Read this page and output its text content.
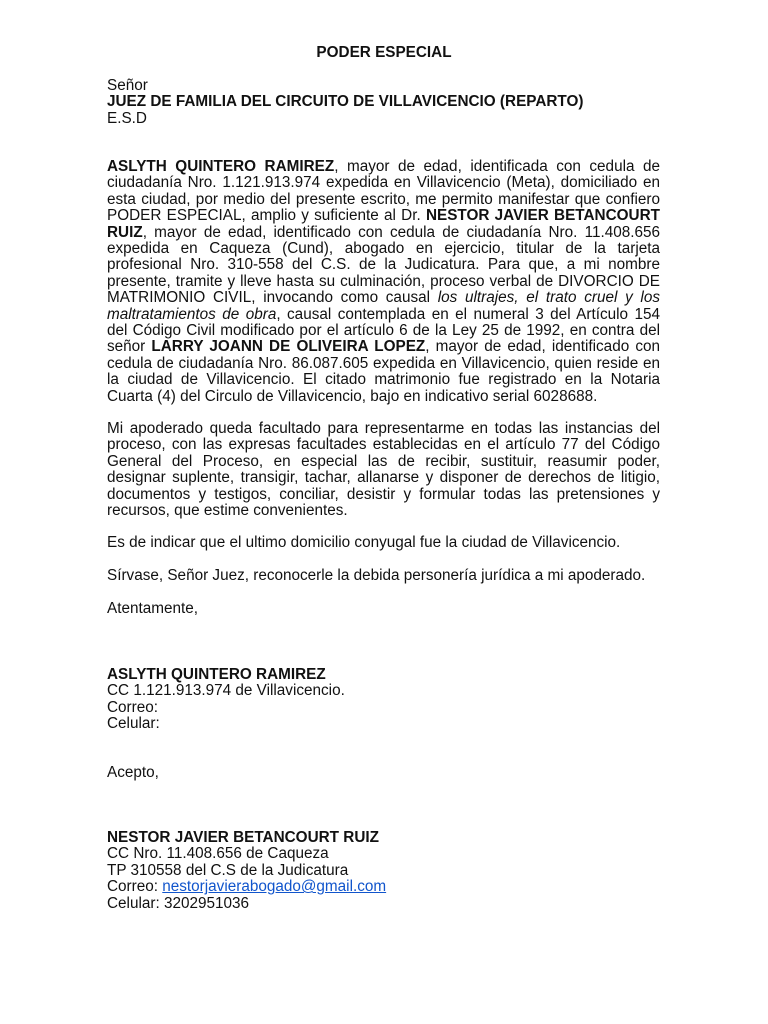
PODER ESPECIAL
Señor
JUEZ DE FAMILIA DEL CIRCUITO DE VILLAVICENCIO (REPARTO)
E.S.D
ASLYTH QUINTERO RAMIREZ, mayor de edad, identificada con cedula de ciudadanía Nro. 1.121.913.974 expedida en Villavicencio (Meta), domiciliado en esta ciudad, por medio del presente escrito, me permito manifestar que confiero PODER ESPECIAL, amplio y suficiente al Dr. NESTOR JAVIER BETANCOURT RUIZ, mayor de edad, identificado con cedula de ciudadanía Nro. 11.408.656 expedida en Caqueza (Cund), abogado en ejercicio, titular de la tarjeta profesional Nro. 310-558 del C.S. de la Judicatura. Para que, a mi nombre presente, tramite y lleve hasta su culminación, proceso verbal de DIVORCIO DE MATRIMONIO CIVIL, invocando como causal los ultrajes, el trato cruel y los maltratamientos de obra, causal contemplada en el numeral 3 del Artículo 154 del Código Civil modificado por el artículo 6 de la Ley 25 de 1992, en contra del señor LARRY JOANN DE OLIVEIRA LOPEZ, mayor de edad, identificado con cedula de ciudadanía Nro. 86.087.605 expedida en Villavicencio, quien reside en la ciudad de Villavicencio. El citado matrimonio fue registrado en la Notaria Cuarta (4) del Circulo de Villavicencio, bajo en indicativo serial 6028688.
Mi apoderado queda facultado para representarme en todas las instancias del proceso, con las expresas facultades establecidas en el artículo 77 del Código General del Proceso, en especial las de recibir, sustituir, reasumir poder, designar suplente, transigir, tachar, allanarse y disponer de derechos de litigio, documentos y testigos, conciliar, desistir y formular todas las pretensiones y recursos, que estime convenientes.
Es de indicar que el ultimo domicilio conyugal fue la ciudad de Villavicencio.
Sírvase, Señor Juez, reconocerle la debida personería jurídica a mi apoderado.
Atentamente,
ASLYTH QUINTERO RAMIREZ
CC 1.121.913.974 de Villavicencio.
Correo:
Celular:
Acepto,
NESTOR JAVIER BETANCOURT RUIZ
CC Nro. 11.408.656 de Caqueza
TP 310558 del C.S de la Judicatura
Correo: nestorjavierabogado@gmail.com
Celular: 3202951036
